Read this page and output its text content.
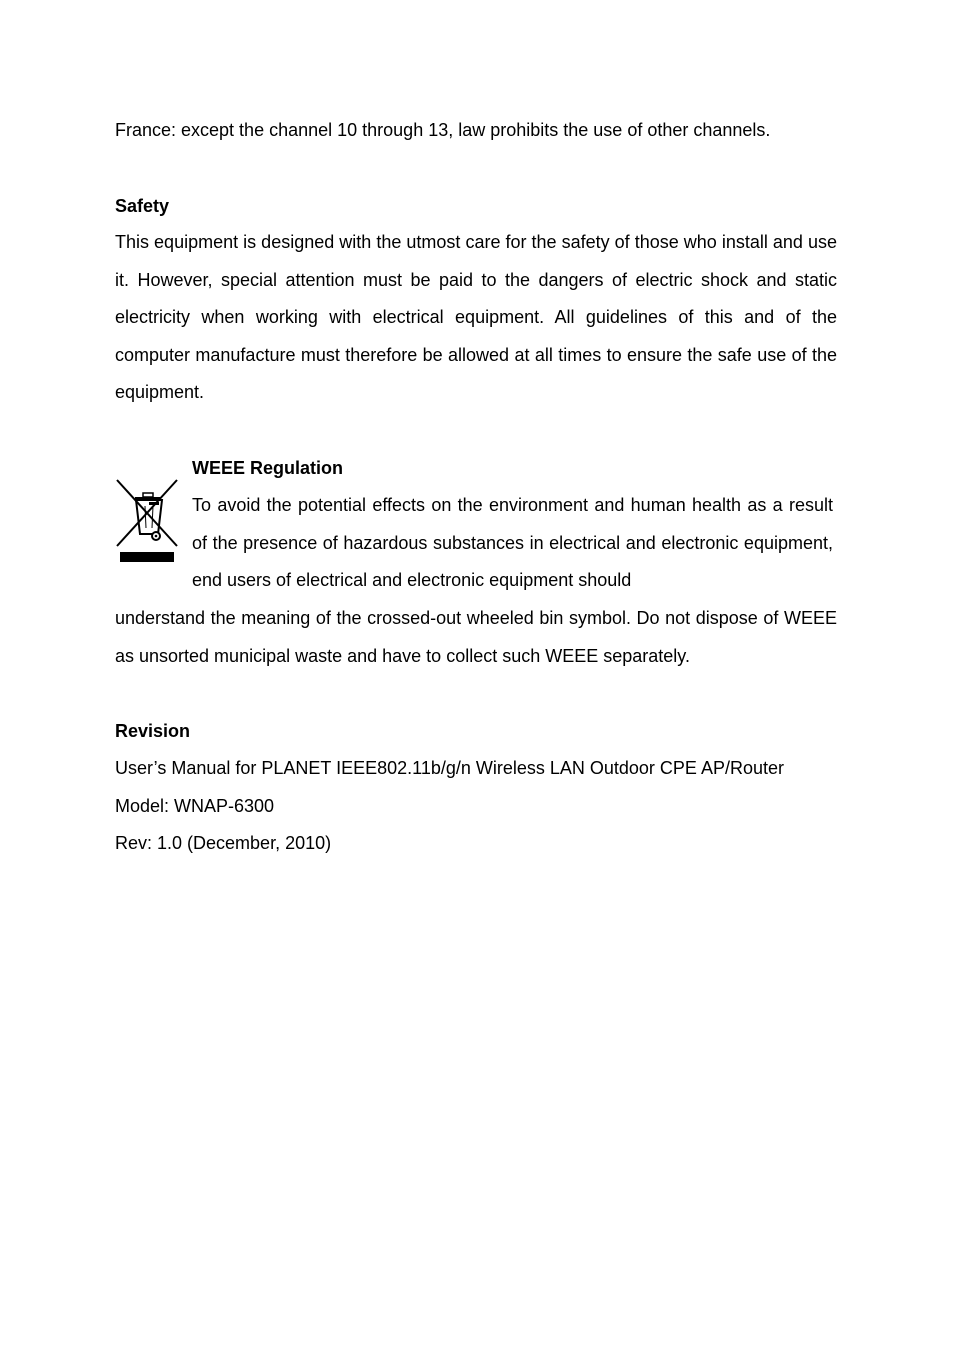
France: except the channel 10 through 13, law prohibits the use of other channels.
Safety
This equipment is designed with the utmost care for the safety of those who install and use it. However, special attention must be paid to the dangers of electric shock and static electricity when working with electrical equipment. All guidelines of this and of the computer manufacture must therefore be allowed at all times to ensure the safe use of the equipment.
WEEE Regulation
To avoid the potential effects on the environment and human health as a result of the presence of hazardous substances in electrical and electronic equipment, end users of electrical and electronic equipment should
understand the meaning of the crossed-out wheeled bin symbol. Do not dispose of WEEE as unsorted municipal waste and have to collect such WEEE separately.
Revision
User’s Manual for PLANET IEEE802.11b/g/n Wireless LAN Outdoor CPE AP/Router
Model: WNAP-6300
Rev: 1.0 (December, 2010)
